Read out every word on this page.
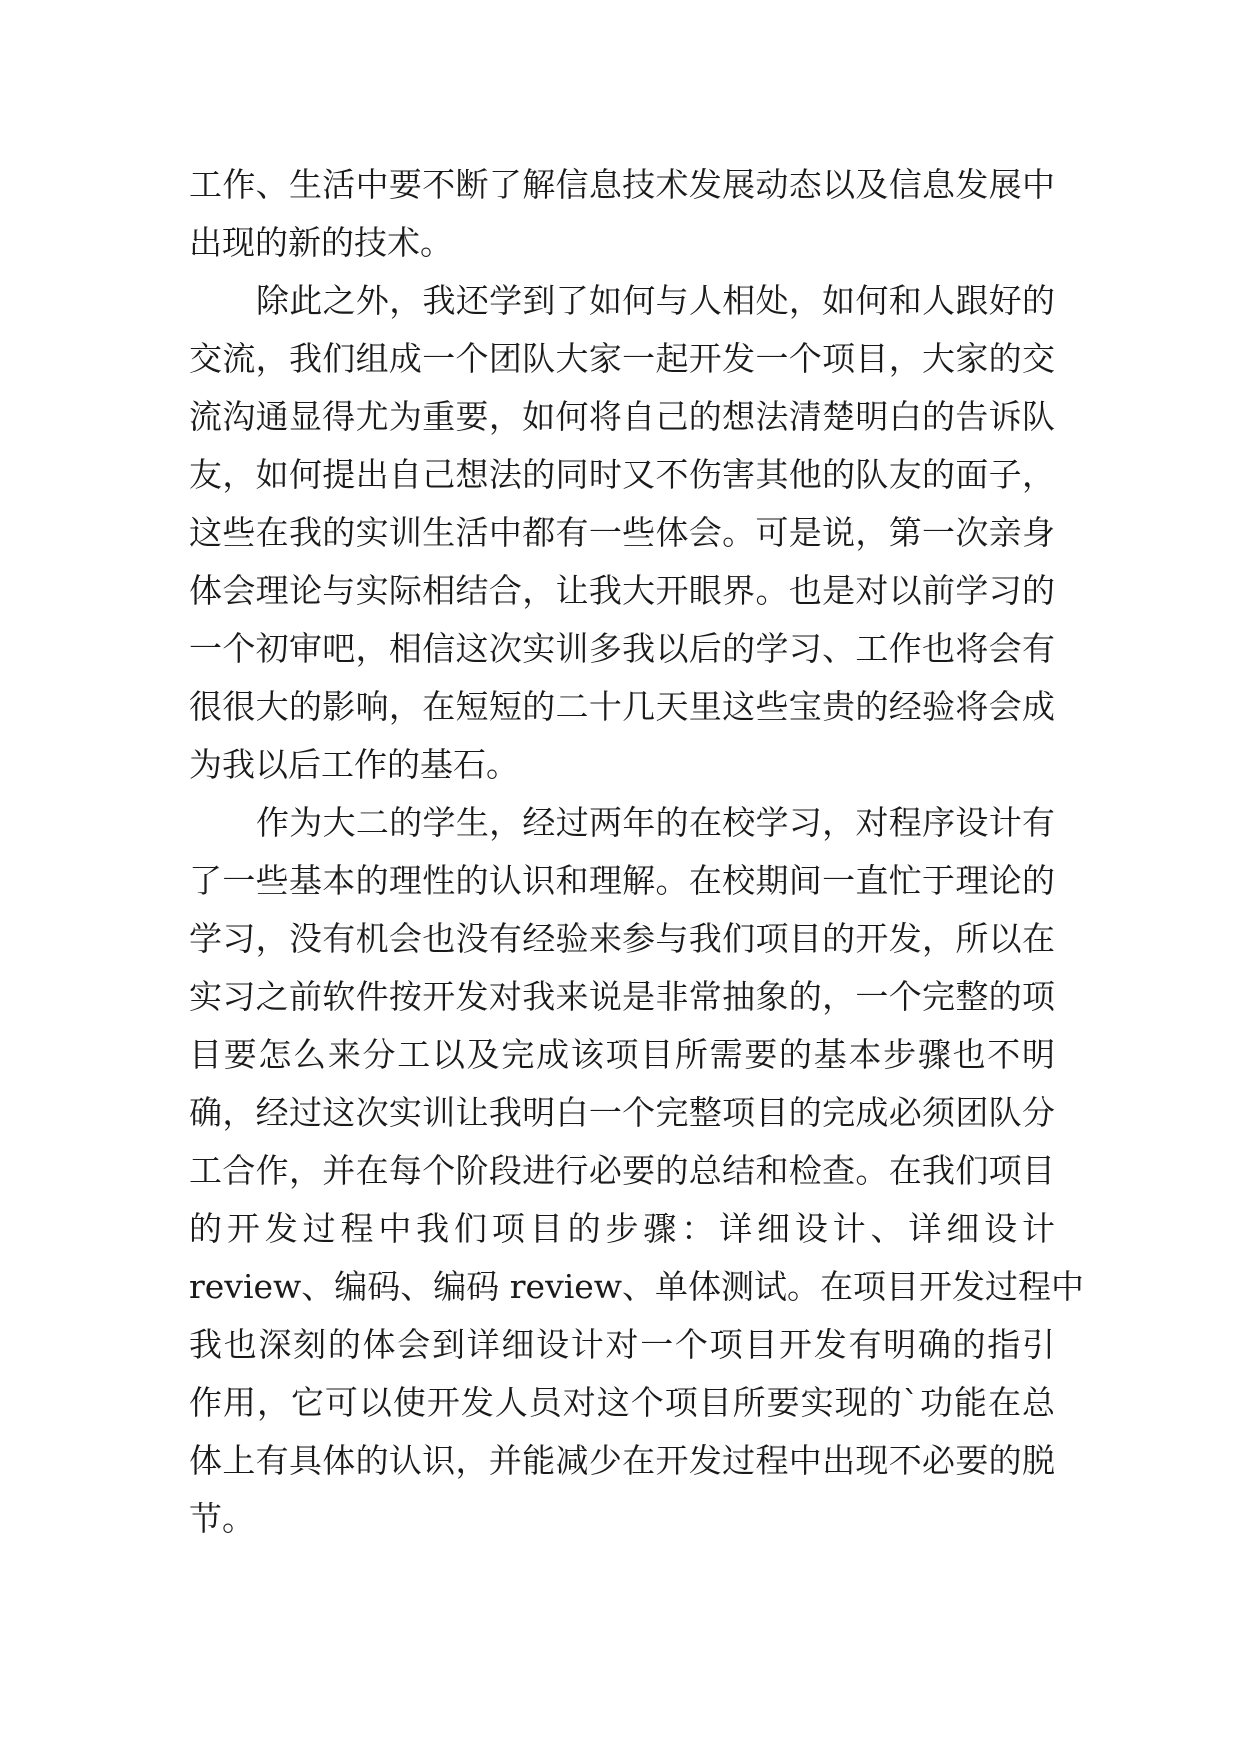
工作、生活中要不断了解信息技术发展动态以及信息发展中
出现的新的技术。
除此之外，我还学到了如何与人相处，如何和人跟好的
交流，我们组成一个团队大家一起开发一个项目，大家的交
流沟通显得尤为重要，如何将自己的想法清楚明白的告诉队
友，如何提出自己想法的同时又不伤害其他的队友的面子，
这些在我的实训生活中都有一些体会。可是说，第一次亲身
体会理论与实际相结合，让我大开眼界。也是对以前学习的
一个初审吧，相信这次实训多我以后的学习、工作也将会有
很很大的影响，在短短的二十几天里这些宝贵的经验将会成
为我以后工作的基石。
作为大二的学生，经过两年的在校学习，对程序设计有
了一些基本的理性的认识和理解。在校期间一直忙于理论的
学习，没有机会也没有经验来参与我们项目的开发，所以在
实习之前软件按开发对我来说是非常抽象的，一个完整的项
目要怎么来分工以及完成该项目所需要的基本步骤也不明
确，经过这次实训让我明白一个完整项目的完成必须团队分
工合作，并在每个阶段进行必要的总结和检查。在我们项目
的开发过程中我们项目的步骤：详细设计、详细设计
review、编码、编码 review、单体测试。在项目开发过程中
我也深刻的体会到详细设计对一个项目开发有明确的指引
作用，它可以使开发人员对这个项目所要实现的`功能在总
体上有具体的认识，并能减少在开发过程中出现不必要的脱
节。
